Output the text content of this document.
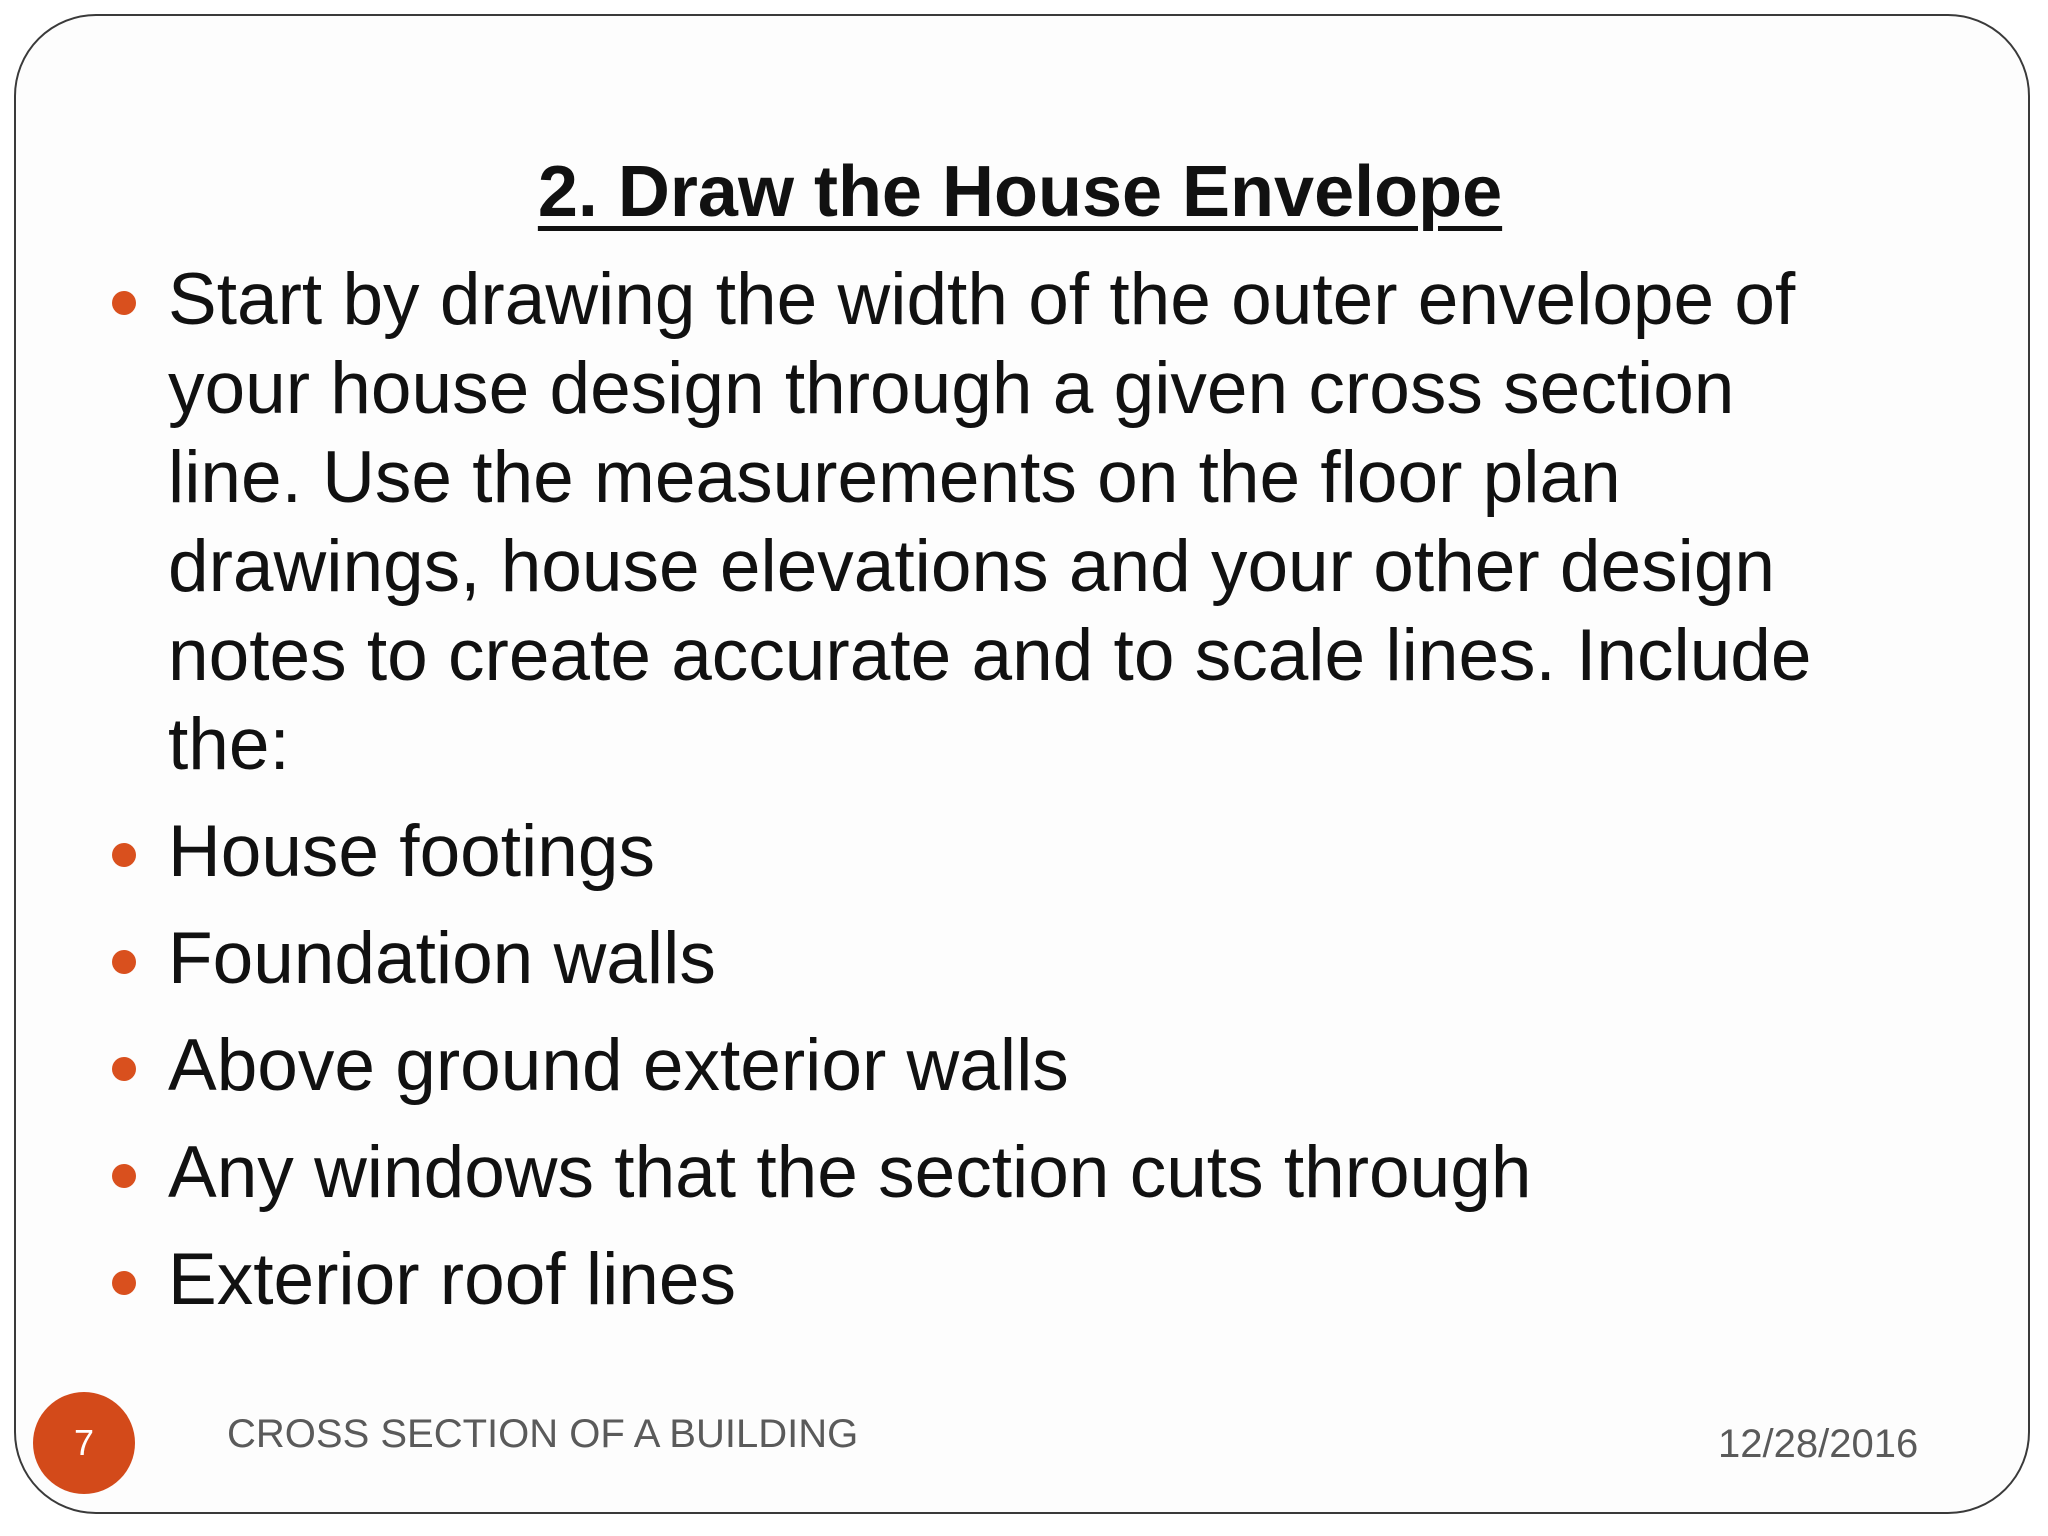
2. Draw the House Envelope
Start by drawing the width of the outer envelope of your house design through a given cross section line. Use the measurements on the floor plan drawings, house elevations and your other design notes to create accurate and to scale lines. Include the:
House footings
Foundation walls
Above ground exterior walls
Any windows that the section cuts through
Exterior roof lines
7	CROSS SECTION OF A BUILDING	12/28/2016
